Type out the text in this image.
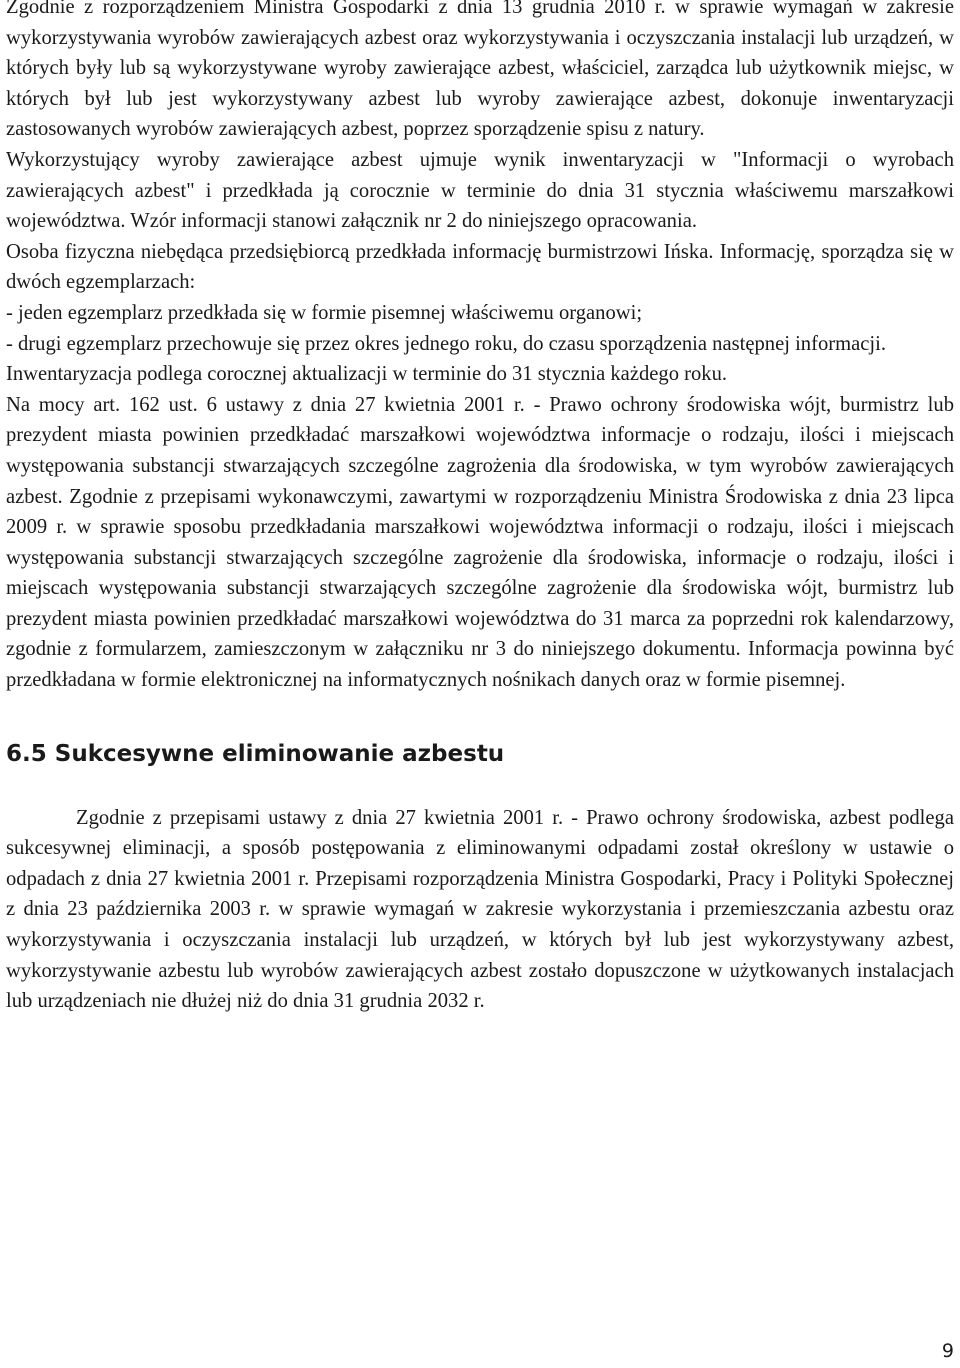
Zgodnie z rozporządzeniem Ministra Gospodarki z dnia 13 grudnia 2010 r. w sprawie wymagań w zakresie wykorzystywania wyrobów zawierających azbest oraz wykorzystywania i oczyszczania instalacji lub urządzeń, w których były lub są wykorzystywane wyroby zawierające azbest, właściciel, zarządca lub użytkownik miejsc, w których był lub jest wykorzystywany azbest lub wyroby zawierające azbest, dokonuje inwentaryzacji zastosowanych wyrobów zawierających azbest, poprzez sporządzenie spisu z natury.

Wykorzystujący wyroby zawierające azbest ujmuje wynik inwentaryzacji w "Informacji o wyrobach zawierających azbest" i przedkłada ją corocznie w terminie do dnia 31 stycznia właściwemu marszałkowi województwa. Wzór informacji stanowi załącznik nr 2 do niniejszego opracowania.

Osoba fizyczna niebędąca przedsiębiorcą przedkłada informację burmistrzowi Ińska. Informację, sporządza się w dwóch egzemplarzach:

- jeden egzemplarz przedkłada się w formie pisemnej właściwemu organowi;

- drugi egzemplarz przechowuje się przez okres jednego roku, do czasu sporządzenia następnej informacji.

Inwentaryzacja podlega corocznej aktualizacji w terminie do 31 stycznia każdego roku.

Na mocy art. 162 ust. 6 ustawy z dnia 27 kwietnia 2001 r. - Prawo ochrony środowiska wójt, burmistrz lub prezydent miasta powinien przedkładać marszałkowi województwa informacje o rodzaju, ilości i miejscach występowania substancji stwarzających szczególne zagrożenia dla środowiska, w tym wyrobów zawierających azbest. Zgodnie z przepisami wykonawczymi, zawartymi w rozporządzeniu Ministra Środowiska z dnia 23 lipca 2009 r. w sprawie sposobu przedkładania marszałkowi województwa informacji o rodzaju, ilości i miejscach występowania substancji stwarzających szczególne zagrożenie dla środowiska, informacje o rodzaju, ilości i miejscach występowania substancji stwarzających szczególne zagrożenie dla środowiska wójt, burmistrz lub prezydent miasta powinien przedkładać marszałkowi województwa do 31 marca za poprzedni rok kalendarzowy, zgodnie z formularzem, zamieszczonym w załączniku nr 3 do niniejszego dokumentu. Informacja powinna być przedkładana w formie elektronicznej na informatycznych nośnikach danych oraz w formie pisemnej.

6.5 Sukcesywne eliminowanie azbestu

Zgodnie z przepisami ustawy z dnia 27 kwietnia 2001 r. - Prawo ochrony środowiska, azbest podlega sukcesywnej eliminacji, a sposób postępowania z eliminowanymi odpadami został określony w ustawie o odpadach z dnia 27 kwietnia 2001 r. Przepisami rozporządzenia Ministra Gospodarki, Pracy i Polityki Społecznej z dnia 23 października 2003 r. w sprawie wymagań w zakresie wykorzystania i przemieszczania azbestu oraz wykorzystywania i oczyszczania instalacji lub urządzeń, w których był lub jest wykorzystywany azbest, wykorzystywanie azbestu lub wyrobów zawierających azbest zostało dopuszczone w użytkowanych instalacjach lub urządzeniach nie dłużej niż do dnia 31 grudnia 2032 r.

9
